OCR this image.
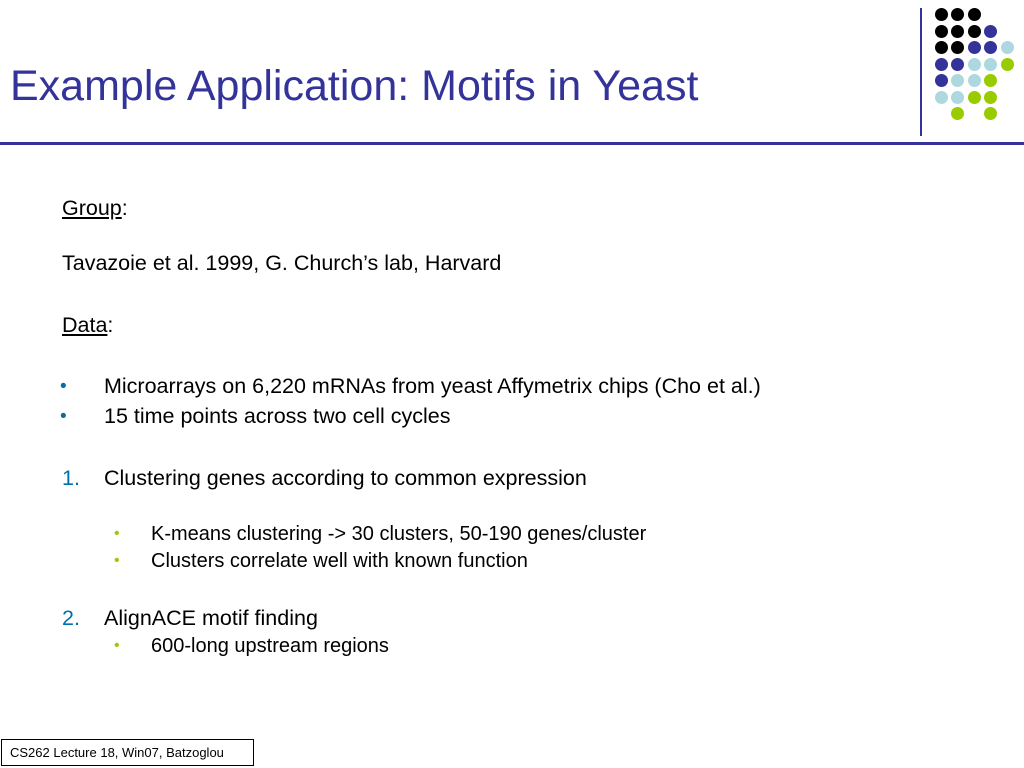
Example Application: Motifs in Yeast
Group:
Tavazoie et al. 1999, G. Church’s lab, Harvard
Data:
• Microarrays on 6,220 mRNAs from yeast Affymetrix chips (Cho et al.)
• 15 time points across two cell cycles
1. Clustering genes according to common expression
• K-means clustering -> 30 clusters, 50-190 genes/cluster
• Clusters correlate well with known function
2. AlignACE motif finding
• 600-long upstream regions
CS262 Lecture 18, Win07, Batzoglou
